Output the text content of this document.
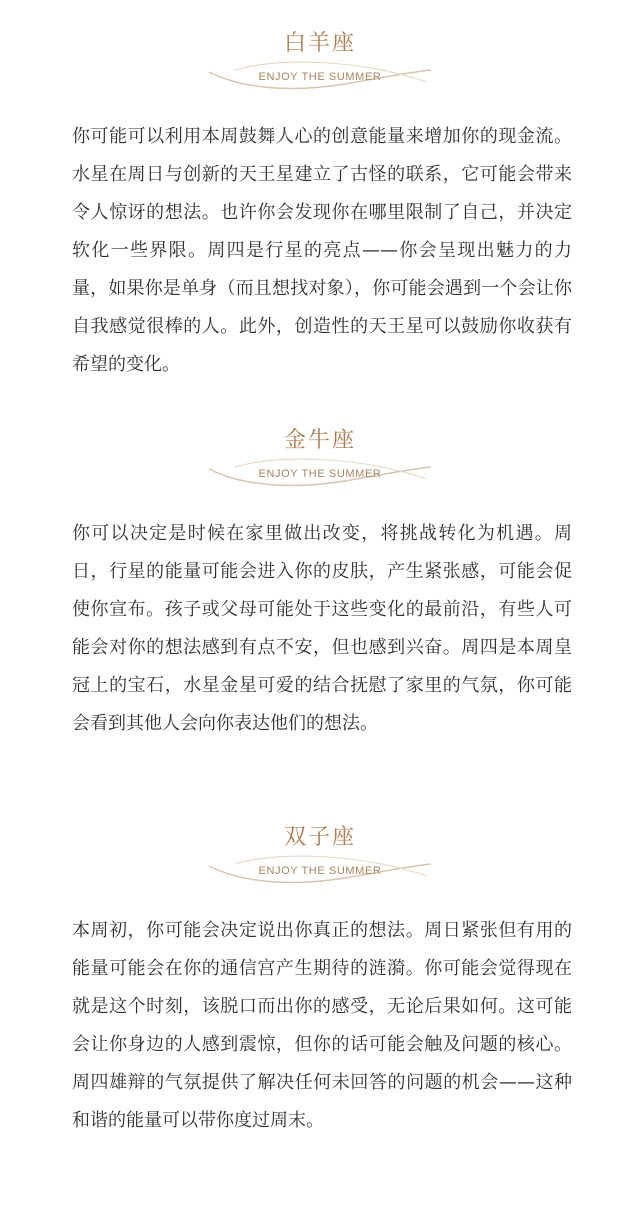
白羊座
ENJOY THE SUMMER

你可能可以利用本周鼓舞人心的创意能量来增加你的现金流。水星在周日与创新的天王星建立了古怪的联系，它可能会带来令人惊讶的想法。也许你会发现你在哪里限制了自己，并决定软化一些界限。周四是行星的亮点——你会呈现出魅力的力量，如果你是单身（而且想找对象），你可能会遇到一个会让你自我感觉很棒的人。此外，创造性的天王星可以鼓励你收获有希望的变化。

金牛座
ENJOY THE SUMMER

你可以决定是时候在家里做出改变，将挑战转化为机遇。周日，行星的能量可能会进入你的皮肤，产生紧张感，可能会促使你宣布。孩子或父母可能处于这些变化的最前沿，有些人可能会对你的想法感到有点不安，但也感到兴奋。周四是本周皇冠上的宝石，水星金星可爱的结合抚慰了家里的气氛，你可能会看到其他人会向你表达他们的想法。

双子座
ENJOY THE SUMMER

本周初，你可能会决定说出你真正的想法。周日紧张但有用的能量可能会在你的通信宫产生期待的涟漪。你可能会觉得现在就是这个时刻，该脱口而出你的感受，无论后果如何。这可能会让你身边的人感到震惊，但你的话可能会触及问题的核心。周四雄辩的气氛提供了解决任何未回答的问题的机会——这种和谐的能量可以带你度过周末。
